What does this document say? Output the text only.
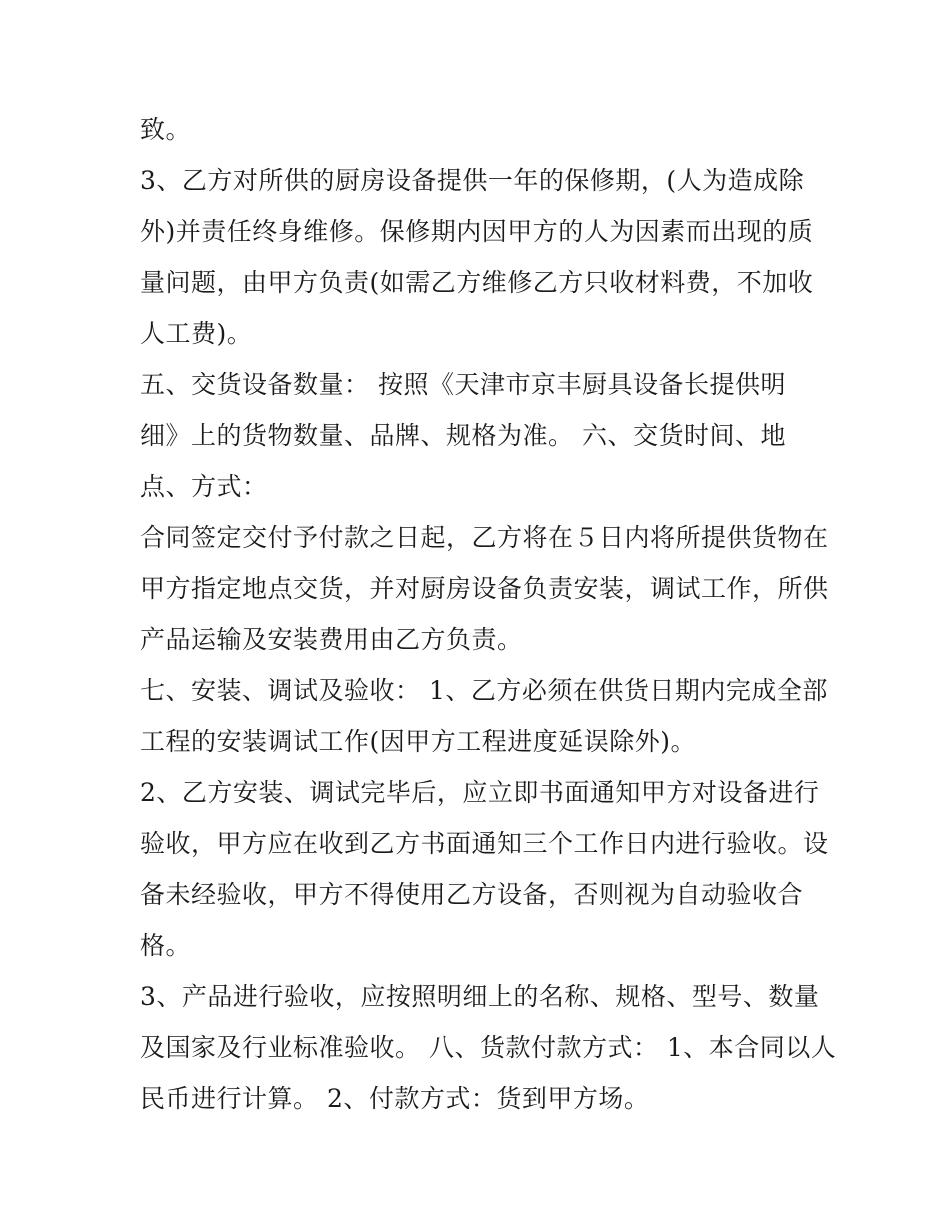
致。
3、乙方对所供的厨房设备提供一年的保修期，(人为造成除
外)并责任终身维修。保修期内因甲方的人为因素而出现的质
量问题，由甲方负责(如需乙方维修乙方只收材料费，不加收
人工费)。
五、交货设备数量： 按照《天津市京丰厨具设备长提供明
细》上的货物数量、品牌、规格为准。 六、交货时间、地
点、方式：
合同签定交付予付款之日起，乙方将在５日内将所提供货物在
甲方指定地点交货，并对厨房设备负责安装，调试工作，所供
产品运输及安装费用由乙方负责。
七、安装、调试及验收： 1、乙方必须在供货日期内完成全部
工程的安装调试工作(因甲方工程进度延误除外)。
2、乙方安装、调试完毕后，应立即书面通知甲方对设备进行
验收，甲方应在收到乙方书面通知三个工作日内进行验收。设
备未经验收，甲方不得使用乙方设备，否则视为自动验收合
格。
3、产品进行验收，应按照明细上的名称、规格、型号、数量
及国家及行业标准验收。 八、货款付款方式： 1、本合同以人
民币进行计算。 2、付款方式：货到甲方场。
